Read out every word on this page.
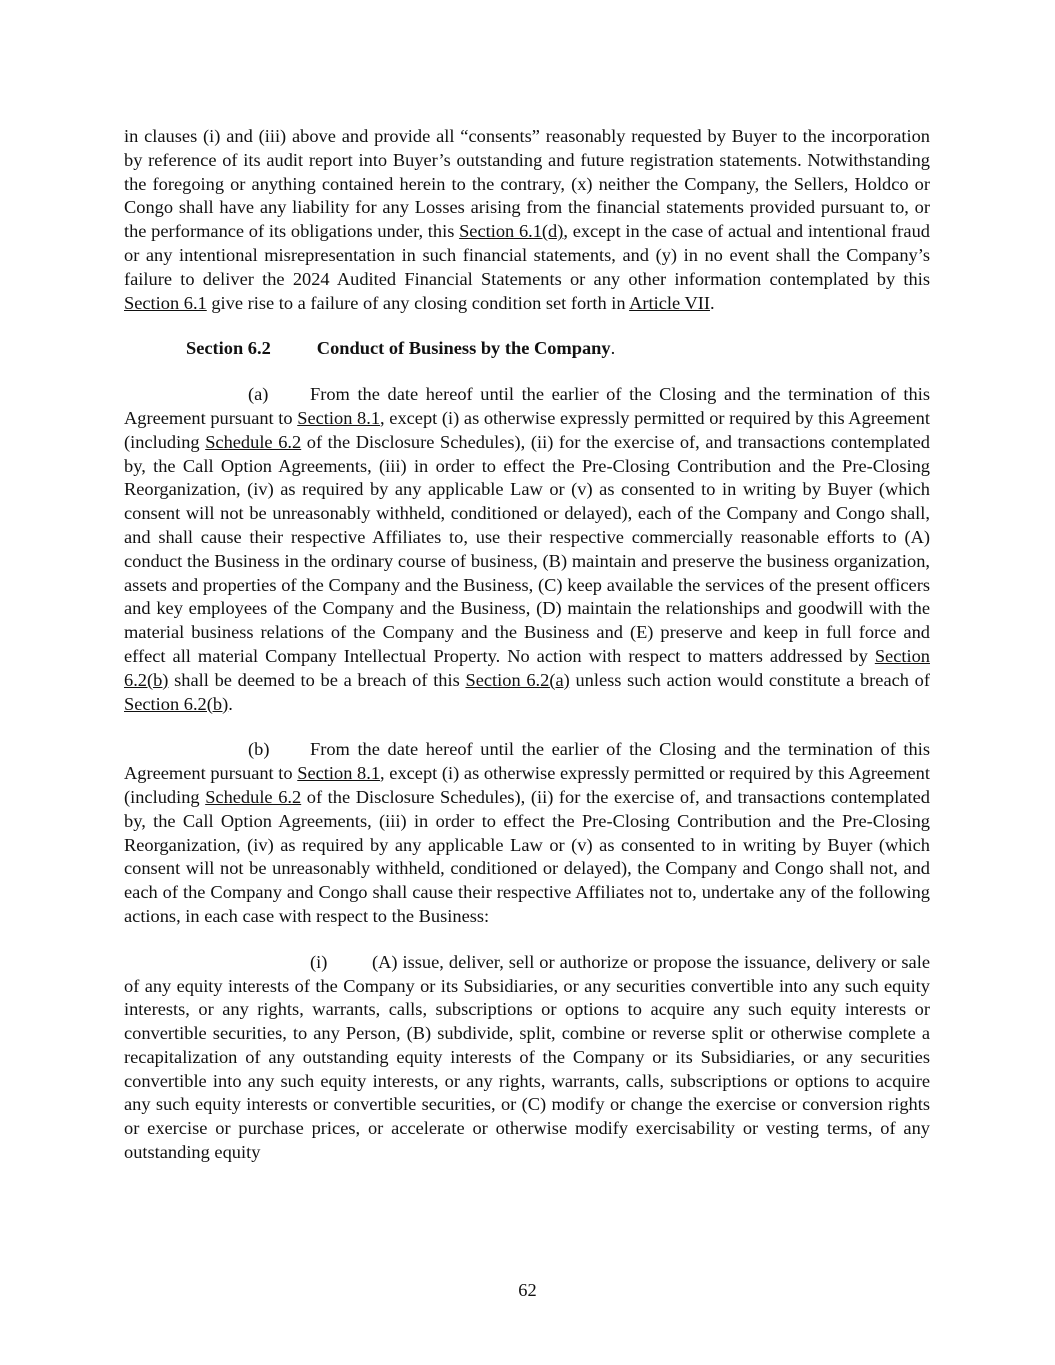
in clauses (i) and (iii) above and provide all “consents” reasonably requested by Buyer to the incorporation by reference of its audit report into Buyer’s outstanding and future registration statements. Notwithstanding the foregoing or anything contained herein to the contrary, (x) neither the Company, the Sellers, Holdco or Congo shall have any liability for any Losses arising from the financial statements provided pursuant to, or the performance of its obligations under, this Section 6.1(d), except in the case of actual and intentional fraud or any intentional misrepresentation in such financial statements, and (y) in no event shall the Company’s failure to deliver the 2024 Audited Financial Statements or any other information contemplated by this Section 6.1 give rise to a failure of any closing condition set forth in Article VII.

Section 6.2	Conduct of Business by the Company.

(a) From the date hereof until the earlier of the Closing and the termination of this Agreement pursuant to Section 8.1, except (i) as otherwise expressly permitted or required by this Agreement (including Schedule 6.2 of the Disclosure Schedules), (ii) for the exercise of, and transactions contemplated by, the Call Option Agreements, (iii) in order to effect the Pre-Closing Contribution and the Pre-Closing Reorganization, (iv) as required by any applicable Law or (v) as consented to in writing by Buyer (which consent will not be unreasonably withheld, conditioned or delayed), each of the Company and Congo shall, and shall cause their respective Affiliates to, use their respective commercially reasonable efforts to (A) conduct the Business in the ordinary course of business, (B) maintain and preserve the business organization, assets and properties of the Company and the Business, (C) keep available the services of the present officers and key employees of the Company and the Business, (D) maintain the relationships and goodwill with the material business relations of the Company and the Business and (E) preserve and keep in full force and effect all material Company Intellectual Property. No action with respect to matters addressed by Section 6.2(b) shall be deemed to be a breach of this Section 6.2(a) unless such action would constitute a breach of Section 6.2(b).

(b) From the date hereof until the earlier of the Closing and the termination of this Agreement pursuant to Section 8.1, except (i) as otherwise expressly permitted or required by this Agreement (including Schedule 6.2 of the Disclosure Schedules), (ii) for the exercise of, and transactions contemplated by, the Call Option Agreements, (iii) in order to effect the Pre-Closing Contribution and the Pre-Closing Reorganization, (iv) as required by any applicable Law or (v) as consented to in writing by Buyer (which consent will not be unreasonably withheld, conditioned or delayed), the Company and Congo shall not, and each of the Company and Congo shall cause their respective Affiliates not to, undertake any of the following actions, in each case with respect to the Business:

(i) (A) issue, deliver, sell or authorize or propose the issuance, delivery or sale of any equity interests of the Company or its Subsidiaries, or any securities convertible into any such equity interests, or any rights, warrants, calls, subscriptions or options to acquire any such equity interests or convertible securities, to any Person, (B) subdivide, split, combine or reverse split or otherwise complete a recapitalization of any outstanding equity interests of the Company or its Subsidiaries, or any securities convertible into any such equity interests, or any rights, warrants, calls, subscriptions or options to acquire any such equity interests or convertible securities, or (C) modify or change the exercise or conversion rights or exercise or purchase prices, or accelerate or otherwise modify exercisability or vesting terms, of any outstanding equity

62
